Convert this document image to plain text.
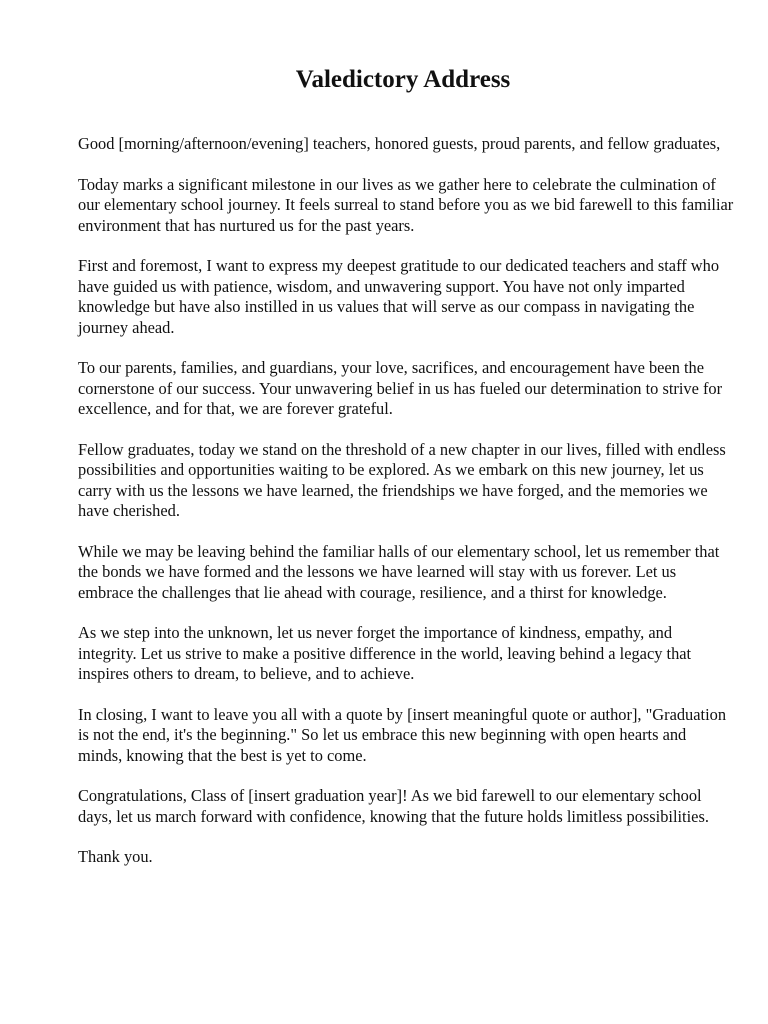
Valedictory Address

Good [morning/afternoon/evening] teachers, honored guests, proud parents, and fellow graduates,

Today marks a significant milestone in our lives as we gather here to celebrate the culmination of our elementary school journey. It feels surreal to stand before you as we bid farewell to this familiar environment that has nurtured us for the past years.

First and foremost, I want to express my deepest gratitude to our dedicated teachers and staff who have guided us with patience, wisdom, and unwavering support. You have not only imparted knowledge but have also instilled in us values that will serve as our compass in navigating the journey ahead.

To our parents, families, and guardians, your love, sacrifices, and encouragement have been the cornerstone of our success. Your unwavering belief in us has fueled our determination to strive for excellence, and for that, we are forever grateful.

Fellow graduates, today we stand on the threshold of a new chapter in our lives, filled with endless possibilities and opportunities waiting to be explored. As we embark on this new journey, let us carry with us the lessons we have learned, the friendships we have forged, and the memories we have cherished.

While we may be leaving behind the familiar halls of our elementary school, let us remember that the bonds we have formed and the lessons we have learned will stay with us forever. Let us embrace the challenges that lie ahead with courage, resilience, and a thirst for knowledge.

As we step into the unknown, let us never forget the importance of kindness, empathy, and integrity. Let us strive to make a positive difference in the world, leaving behind a legacy that inspires others to dream, to believe, and to achieve.

In closing, I want to leave you all with a quote by [insert meaningful quote or author], "Graduation is not the end, it's the beginning." So let us embrace this new beginning with open hearts and minds, knowing that the best is yet to come.

Congratulations, Class of [insert graduation year]! As we bid farewell to our elementary school days, let us march forward with confidence, knowing that the future holds limitless possibilities.

Thank you.
